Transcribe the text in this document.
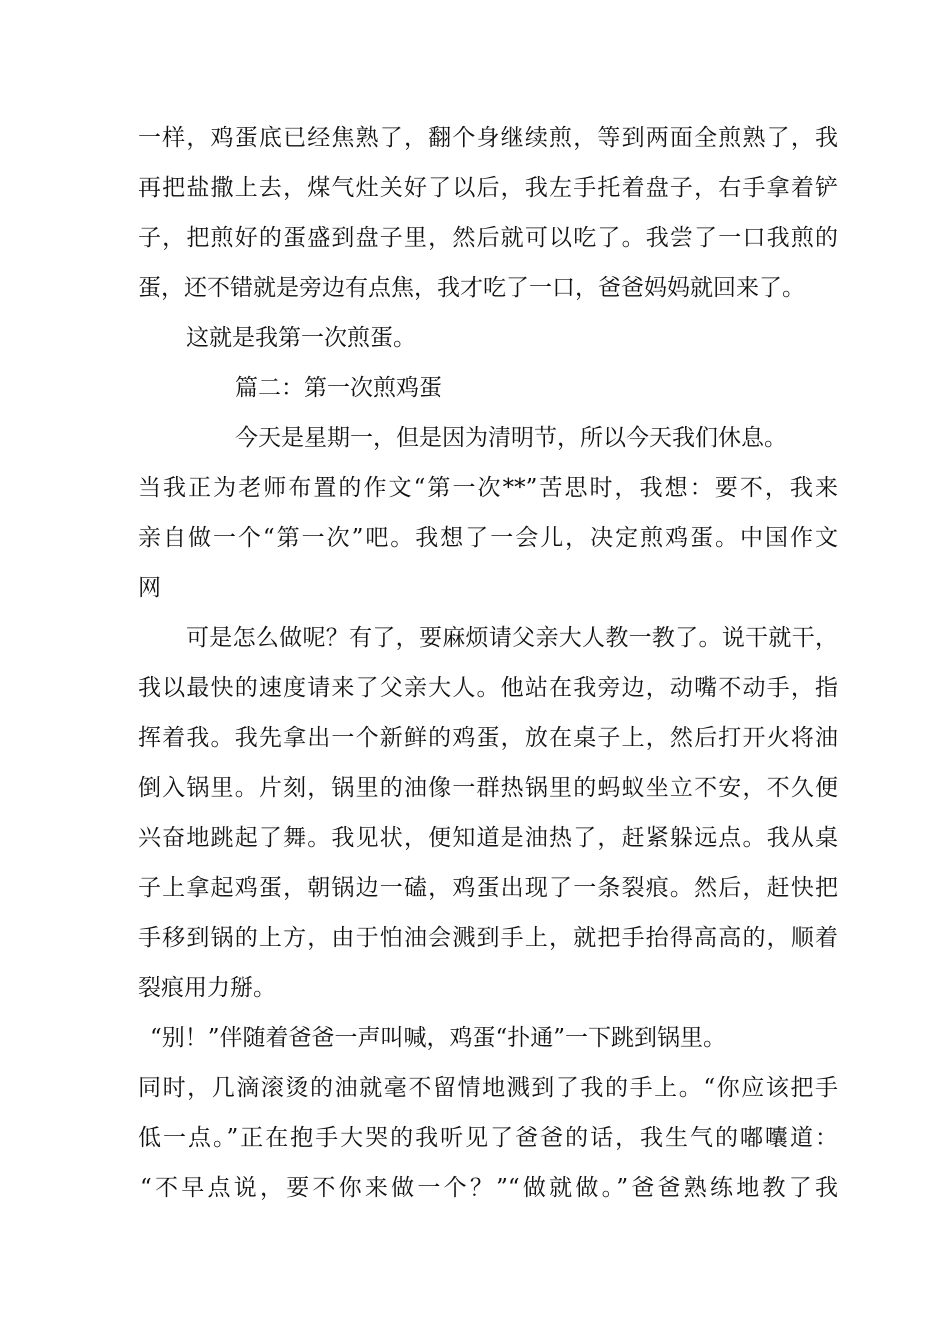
一样，鸡蛋底已经焦熟了，翻个身继续煎，等到两面全煎熟了，我
再把盐撒上去，煤气灶关好了以后，我左手托着盘子，右手拿着铲
子，把煎好的蛋盛到盘子里，然后就可以吃了。我尝了一口我煎的
蛋，还不错就是旁边有点焦，我才吃了一口，爸爸妈妈就回来了。
这就是我第一次煎蛋。
篇二：第一次煎鸡蛋
今天是星期一，但是因为清明节，所以今天我们休息。
当我正为老师布置的作文“第一次**”苦思时，我想：要不，我来
亲自做一个“第一次”吧。我想了一会儿，决定煎鸡蛋。中国作文
网
可是怎么做呢？有了，要麻烦请父亲大人教一教了。说干就干，
我以最快的速度请来了父亲大人。他站在我旁边，动嘴不动手，指
挥着我。我先拿出一个新鲜的鸡蛋，放在桌子上，然后打开火将油
倒入锅里。片刻，锅里的油像一群热锅里的蚂蚁坐立不安，不久便
兴奋地跳起了舞。我见状，便知道是油热了，赶紧躲远点。我从桌
子上拿起鸡蛋，朝锅边一磕，鸡蛋出现了一条裂痕。然后，赶快把
手移到锅的上方，由于怕油会溅到手上，就把手抬得高高的，顺着
裂痕用力掰。
“别！”伴随着爸爸一声叫喊，鸡蛋“扑通”一下跳到锅里。
同时，几滴滚烫的油就毫不留情地溅到了我的手上。“你应该把手
低一点。”正在抱手大哭的我听见了爸爸的话，我生气的嘟囔道：
“不早点说，要不你来做一个？”“做就做。”爸爸熟练地教了我
